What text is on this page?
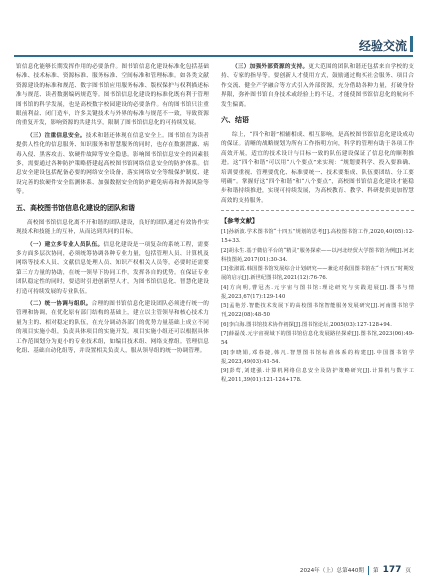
经验交流

馆信息化能够长期发挥作用的必要条件。图书馆信息化建设标准化包括基础标准、技术标准、资源标准、服务标准、空间标准和管理标准。如各类文献资源建设的标准和规范、数字图书馆应用服务标准、版权保护与权利描述标准与规范、读者数据编码规范等。图书馆信息化建设的标准化既有利于管理图书馆的科学发展，也是高校数字校园建设的必要条件。有的图书馆只注重眼前利益、闭门造车，许多关键技术与外界的标准与规范不一致，导致资源的重复开发，影响资源的共建共享，限制了图书馆信息化的可持续发展。

（三）注重信息安全。技术和谐还体现在信息安全上。图书馆在为读者提供人性化的信息服务、知识服务和智慧服务的同时，也存在数据泄露、病毒入侵、黑客攻击、软硬件故障等安全隐患。影响图书馆信息安全的因素很多，需要通过各种防护策略搭建起高校图书馆网络信息安全的防护体系。信息安全建设包括配备必要的网络安全设备，落实网络安全等级保护制度、建设完善的软硬件安全监测体系、加强数据安全的防护避免病毒和外源风险等等。

五、高校图书馆信息化建设的团队和谐

高校图书馆信息化离不开和谐的团队建设，良好的团队通过有效协作实现技术和技能上的互补，从而达到共同的目标。

（一）建立多专业人员队伍。信息化建设是一项复杂的系统工程，需要多方面多层次协同，必须统筹协调各种专业力量，包括管理人员、计算机及网络等技术人员、文献信息处理人员、知识产权相关人员等，必要时还需要第三方力量的协助，在统一领导下协同工作，发挥各自的优势。在保证专业团队稳定性的同时，要适时引进创新型人才，为图书馆信息化、智慧化建设打造可持续发展的专业队伍。

（二）统一协调与组织。合理的图书馆信息化建设团队必须进行统一的管理和协调，在优化原有部门结构的基础上，建立以主管领导和核心技术力量为主的、相对稳定的队伍，在充分调动各部门的优势力量基础上成立不同的项目实施小组，负责具体项目的实施开发。项目实施小组还可以根据具体工作范围划分为更小的专业技术组，如编目技术组、网络支撑组。管理信息化组、基础自动化组等，并设置相关负责人，服从领导组的统一协调管理。

（三）加强外部资源的支持。更大范围的团队和谐还包括来自学校的支持、专家的指导等。要创新人才使用方式，鼓励通过购买社会服务、项目合作交流、健全产学融合等方式引入外部资源，充分借助各种力量，打破身份界限，弥补图书馆自身技术或经验上的不足，才能使图书馆信息化的航向不发生偏离。

六、结语

综上，“四个和谐”相辅相成、相互影响，是高校图书馆信息化建设成功的保证。清晰的战略规划为所有工作指明方向，科学的管理有助于各项工作高效开展，适宜的技术设计与目标一致的队伍建设保证了信息化的顺利推进。这“四个和谐”可以用“八个要点”来实现：“规划要科学、投入要准确、培训要重视、管理要优化、标准要统一、技术要集成、队伍要团结、分工要明确”。掌握好这“四个和谐”和“八个要点”，高校图书馆信息化建设才能稳步和谐持续推进，实现可持续发展，为高校教育、教学、科研提供更加智慧高效的支持服务。

【参考文献】
[1]孙新波.学术图书馆“十四五”规划的思考[J].高校图书馆工作,2020,40(05):12-15+33.
[2]胡永生.基于微信平台的“精灵”服务探索——以河北经贸大学图书馆为例[J].河北科技图苑,2017(01):30-34.
[3]张淑霞.韩国图书馆发展综合计划研究——兼论对我国图书馆在“十四五”时期发展的启示[J].新世纪图书馆,2021(12):76-76.
[4]方向明,曹冠杰.元宇宙与图书馆:理论研究与实践进展[J].图书与情报,2023,67(17):129-140
[5]孟艳芳.智能技术发展下的高校图书馆智能服务发展研究[J].河南图书馆学刊,2022(08):48-50
[6]李白海.图书馆技术协作初探[J].图书馆论坛,2005(03):127-128+94.
[7]薛磊茂.元宇宙视域下的图书馆信息化发展路径探索[J].图书馆,2023(06):49-54
[8]李晓娟,邓春捷,韩凡.智慧图书馆标准体系的构建[J].中国图书馆学报,2023,49(03):41-54.
[9]彭莺,刘建强.计算机网络信息安全及防护策略研究[J].计算机与数字工程,2011,39(01):121-124+178.
2024年（上）总第440期 第 177 页
